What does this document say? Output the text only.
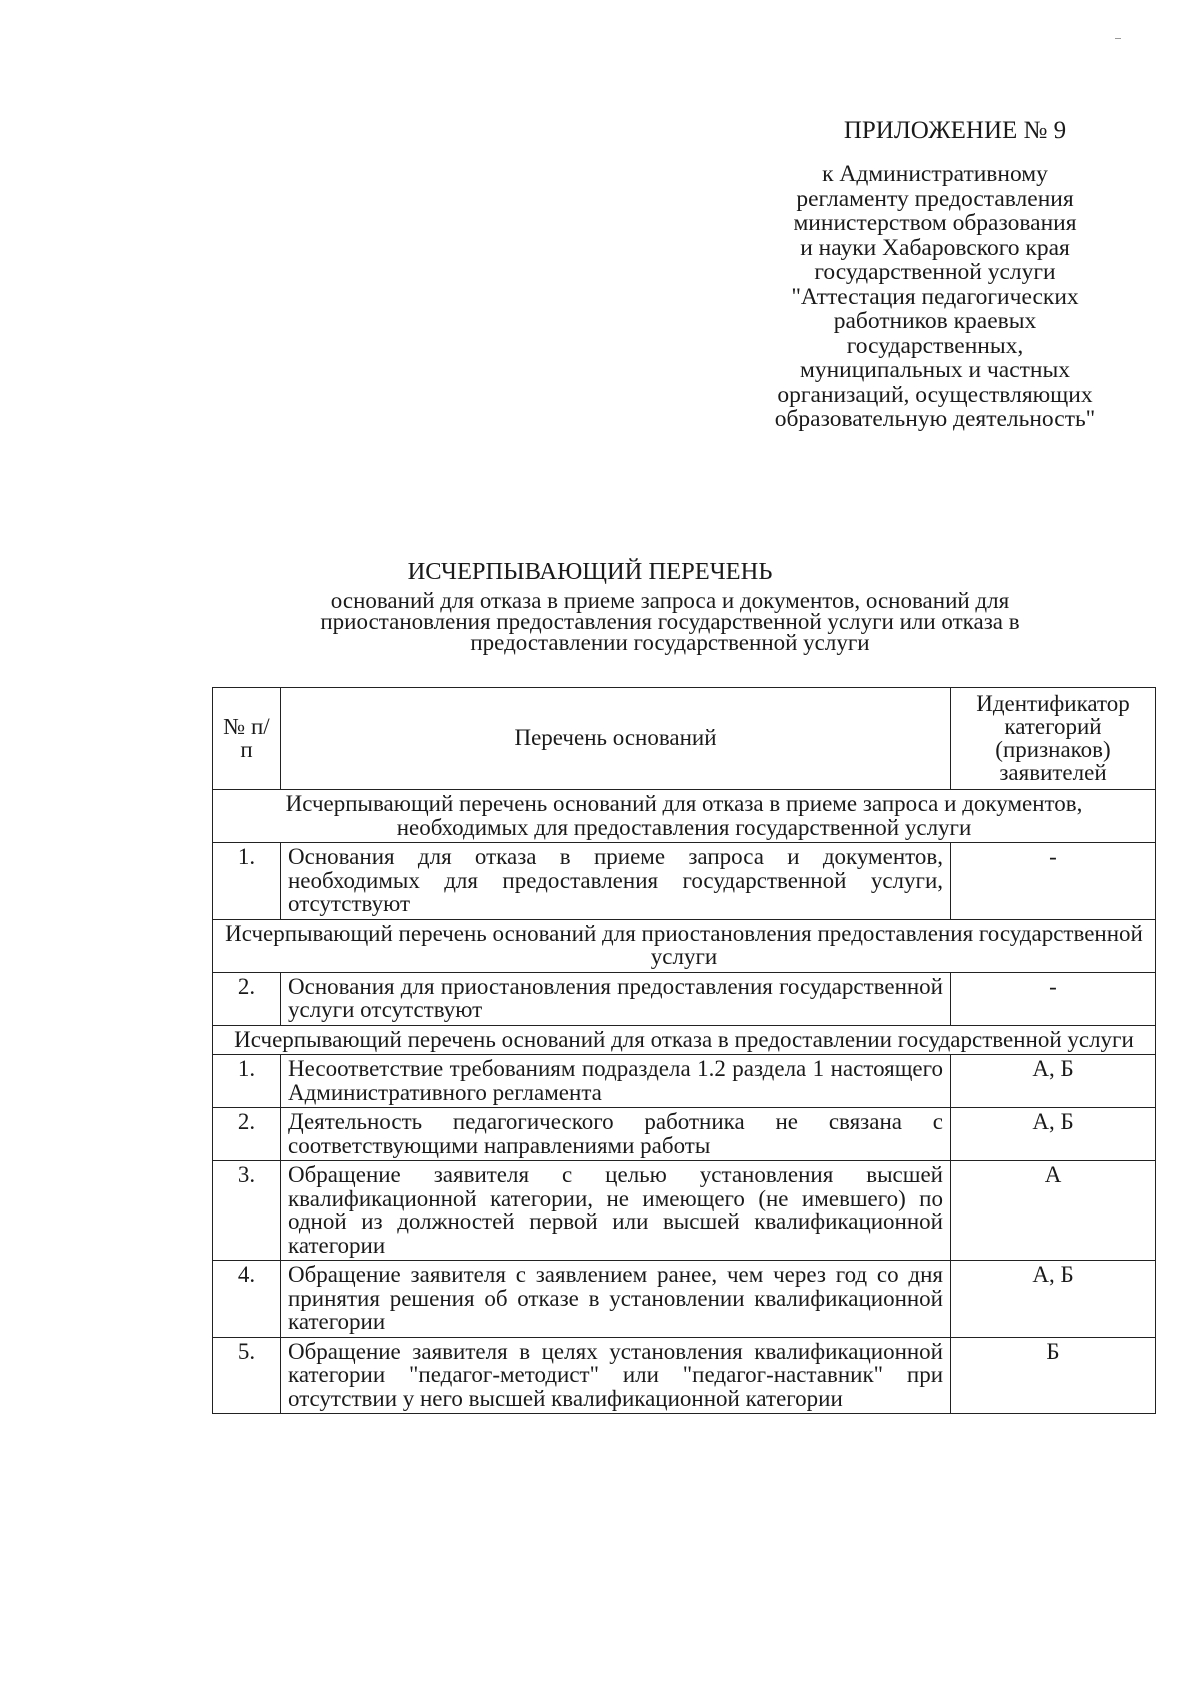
ПРИЛОЖЕНИЕ № 9
к Административному
регламенту предоставления
министерством образования
и науки Хабаровского края
государственной услуги
"Аттестация педагогических
работников краевых
государственных,
муниципальных и частных
организаций, осуществляющих
образовательную деятельность"
ИСЧЕРПЫВАЮЩИЙ ПЕРЕЧЕНЬ
оснований для отказа в приеме запроса и документов, оснований для
приостановления предоставления государственной услуги или отказа в
предоставлении государственной услуги
№ п/п	Перечень оснований	Идентификатор категорий (признаков) заявителей
Исчерпывающий перечень оснований для отказа в приеме запроса и документов, необходимых для предоставления государственной услуги		
1.	Основания для отказа в приеме запроса и документов, необходимых для предоставления государственной услуги, отсутствуют	-
Исчерпывающий перечень оснований для приостановления предоставления государственной услуги		
2.	Основания для приостановления предоставления государственной услуги отсутствуют	-
Исчерпывающий перечень оснований для отказа в предоставлении государственной услуги		
1.	Несоответствие требованиям подраздела 1.2 раздела 1 настоящего Административного регламента	А, Б
2.	Деятельность педагогического работника не связана с соответствующими направлениями работы	А, Б
3.	Обращение заявителя с целью установления высшей квалификационной категории, не имеющего (не имевшего) по одной из должностей первой или высшей квалификационной категории	А
4.	Обращение заявителя с заявлением ранее, чем через год со дня принятия решения об отказе в установлении квалификационной категории	А, Б
5.	Обращение заявителя в целях установления квалификационной категории "педагог-методист" или "педагог-наставник" при отсутствии у него высшей квалификационной категории	Б
